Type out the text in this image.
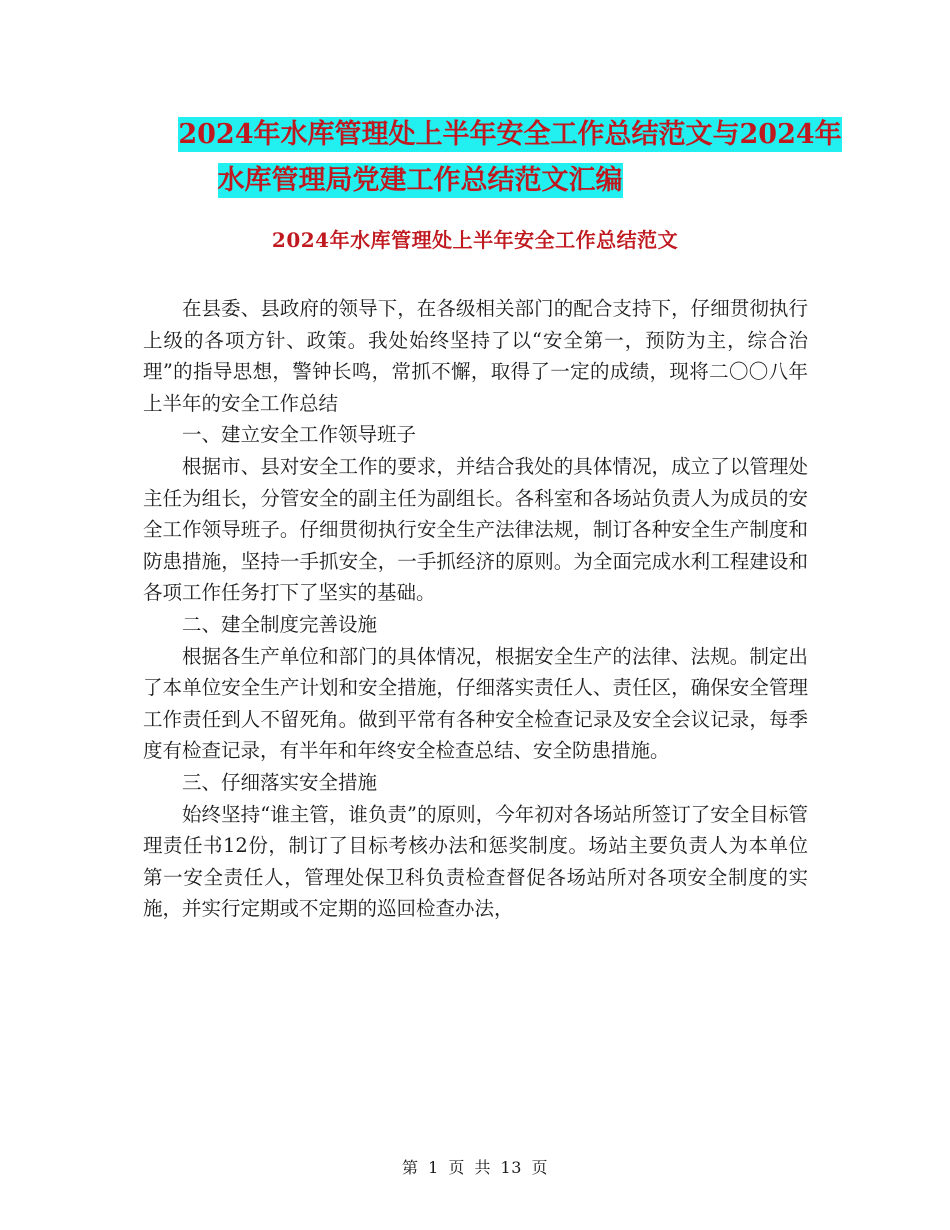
2024年水库管理处上半年安全工作总结范文与2024年
水库管理局党建工作总结范文汇编
2024年水库管理处上半年安全工作总结范文

在县委、县政府的领导下，在各级相关部门的配合支持下，仔细贯彻执行上级的各项方针、政策。我处始终坚持了以“安全第一，预防为主，综合治理”的指导思想，警钟长鸣，常抓不懈，取得了一定的成绩，现将二〇〇八年上半年的安全工作总结

一、建立安全工作领导班子

根据市、县对安全工作的要求，并结合我处的具体情况，成立了以管理处主任为组长，分管安全的副主任为副组长。各科室和各场站负责人为成员的安全工作领导班子。仔细贯彻执行安全生产法律法规，制订各种安全生产制度和防患措施，坚持一手抓安全，一手抓经济的原则。为全面完成水利工程建设和各项工作任务打下了坚实的基础。

二、建全制度完善设施

根据各生产单位和部门的具体情况，根据安全生产的法律、法规。制定出了本单位安全生产计划和安全措施，仔细落实责任人、责任区，确保安全管理工作责任到人不留死角。做到平常有各种安全检查记录及安全会议记录，每季度有检查记录，有半年和年终安全检查总结、安全防患措施。

三、仔细落实安全措施

始终坚持“谁主管，谁负责”的原则，今年初对各场站所签订了安全目标管理责任书12份，制订了目标考核办法和惩奖制度。场站主要负责人为本单位第一安全责任人，管理处保卫科负责检查督促各场站所对各项安全制度的实施，并实行定期或不定期的巡回检查办法，

第 1 页 共 13 页
